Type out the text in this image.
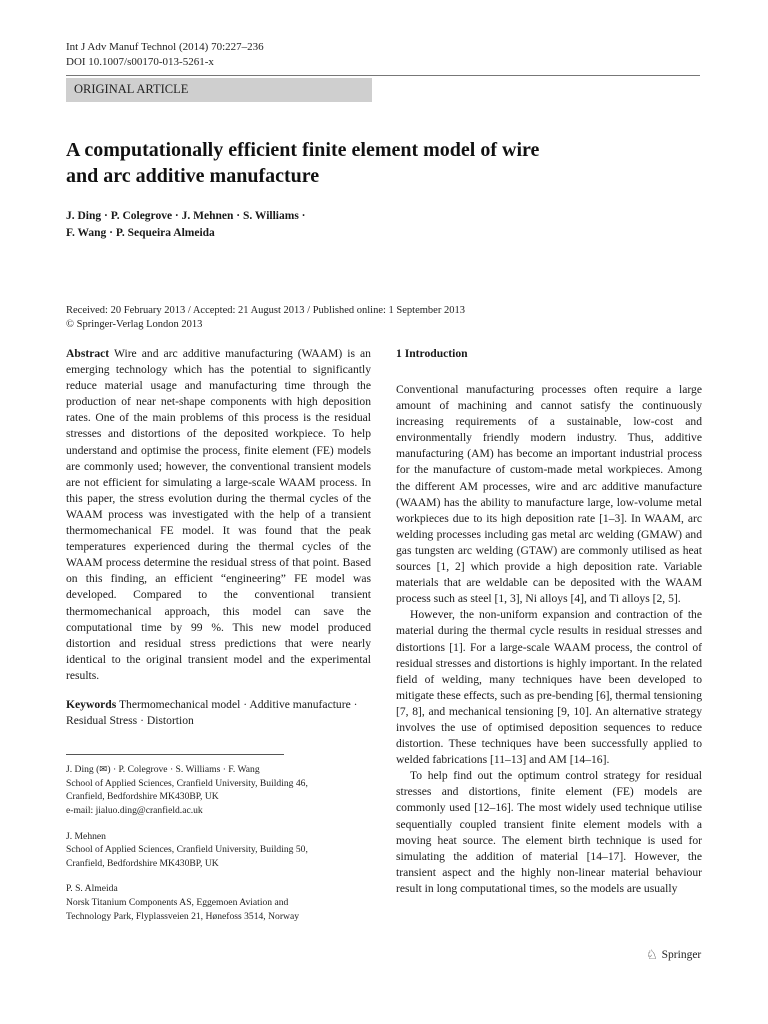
Int J Adv Manuf Technol (2014) 70:227–236
DOI 10.1007/s00170-013-5261-x
ORIGINAL ARTICLE
A computationally efficient finite element model of wire
and arc additive manufacture
J. Ding · P. Colegrove · J. Mehnen · S. Williams ·
F. Wang · P. Sequeira Almeida
Received: 20 February 2013 / Accepted: 21 August 2013 / Published online: 1 September 2013
© Springer-Verlag London 2013

Abstract Wire and arc additive manufacturing (WAAM) is an emerging technology which has the potential to significantly reduce material usage and manufacturing time through the production of near net-shape components with high deposition rates. One of the main problems of this process is the residual stresses and distortions of the deposited workpiece. To help understand and optimise the process, finite element (FE) models are commonly used; however, the conventional transient models are not efficient for simulating a large-scale WAAM process. In this paper, the stress evolution during the thermal cycles of the WAAM process was investigated with the help of a transient thermomechanical FE model. It was found that the peak temperatures experienced during the thermal cycles of the WAAM process determine the residual stress of that point. Based on this finding, an efficient “engineering” FE model was developed. Compared to the conventional transient thermomechanical approach, this model can save the computational time by 99 %. This new model produced distortion and residual stress predictions that were nearly identical to the original transient model and the experimental results.

Keywords Thermomechanical model · Additive manufacture · Residual Stress · Distortion

J. Ding (✉) · P. Colegrove · S. Williams · F. Wang
School of Applied Sciences, Cranfield University, Building 46,
Cranfield, Bedfordshire MK430BP, UK
e-mail: jialuo.ding@cranfield.ac.uk
J. Mehnen
School of Applied Sciences, Cranfield University, Building 50,
Cranfield, Bedfordshire MK430BP, UK
P. S. Almeida
Norsk Titanium Components AS, Eggemoen Aviation and
Technology Park, Flyplassveien 21, Hønefoss 3514, Norway
1 Introduction

Conventional manufacturing processes often require a large amount of machining and cannot satisfy the continuously increasing requirements of a sustainable, low-cost and environmentally friendly modern industry. Thus, additive manufacturing (AM) has become an important industrial process for the manufacture of custom-made metal workpieces. Among the different AM processes, wire and arc additive manufacture (WAAM) has the ability to manufacture large, low-volume metal workpieces due to its high deposition rate [1–3]. In WAAM, arc welding processes including gas metal arc welding (GMAW) and gas tungsten arc welding (GTAW) are commonly utilised as heat sources [1, 2] which provide a high deposition rate. Variable materials that are weldable can be deposited with the WAAM process such as steel [1, 3], Ni alloys [4], and Ti alloys [2, 5].

However, the non-uniform expansion and contraction of the material during the thermal cycle results in residual stresses and distortions [1]. For a large-scale WAAM process, the control of residual stresses and distortions is highly important. In the related field of welding, many techniques have been developed to mitigate these effects, such as pre-bending [6], thermal tensioning [7, 8], and mechanical tensioning [9, 10]. An alternative strategy involves the use of optimised deposition sequences to reduce distortion. These techniques have been successfully applied to welded fabrications [11–13] and AM [14–16].

To help find out the optimum control strategy for residual stresses and distortions, finite element (FE) models are commonly used [12–16]. The most widely used technique utilise sequentially coupled transient finite element models with a moving heat source. The element birth technique is used for simulating the addition of material [14–17]. However, the transient aspect and the highly non-linear material behaviour result in long computational times, so the models are usually

♘ Springer
